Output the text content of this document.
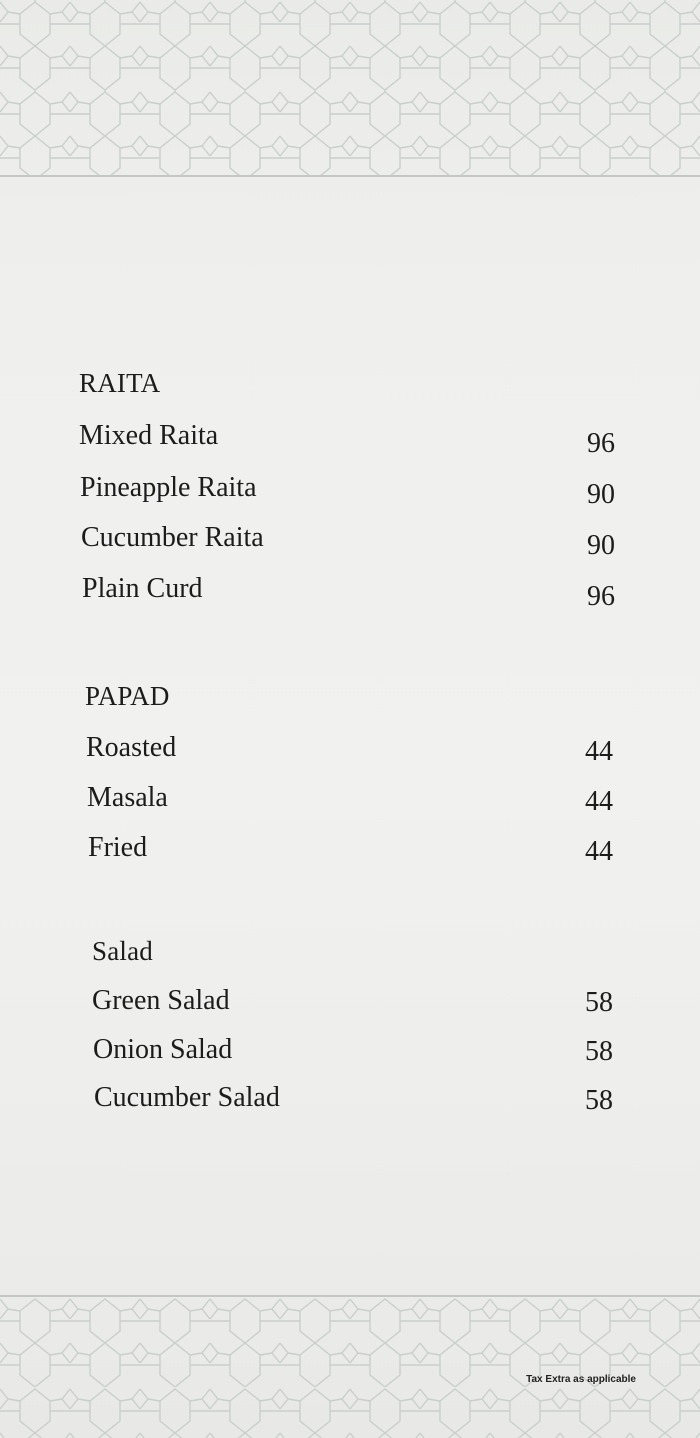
RAITA
Mixed Raita	96
Pineapple Raita	90
Cucumber Raita	90
Plain Curd	96
PAPAD
Roasted	44
Masala	44
Fried	44
Salad
Green Salad	58
Onion Salad	58
Cucumber Salad	58
Tax Extra as applicable
